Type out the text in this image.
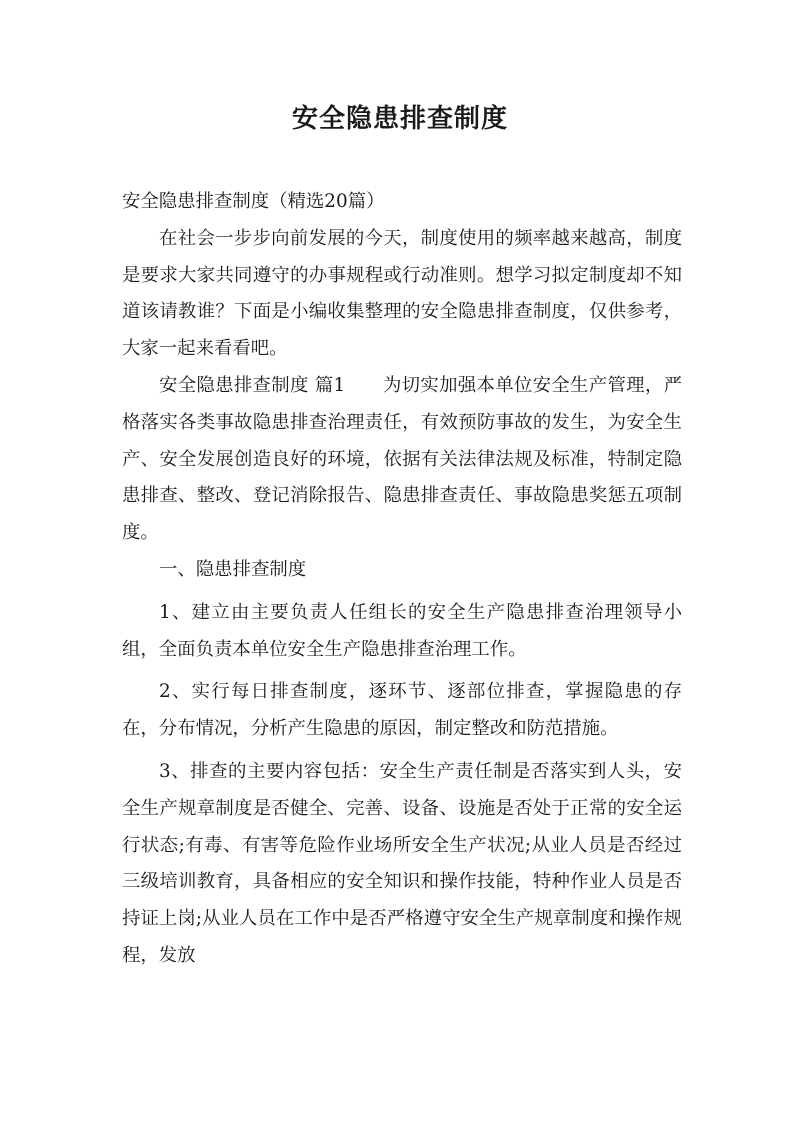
安全隐患排查制度

安全隐患排查制度（精选20篇）

在社会一步步向前发展的今天，制度使用的频率越来越高，制度是要求大家共同遵守的办事规程或行动准则。想学习拟定制度却不知道该请教谁？下面是小编收集整理的安全隐患排查制度，仅供参考，大家一起来看看吧。

安全隐患排查制度 篇1　　为切实加强本单位安全生产管理，严格落实各类事故隐患排查治理责任，有效预防事故的发生，为安全生产、安全发展创造良好的环境，依据有关法律法规及标准，特制定隐患排查、整改、登记消除报告、隐患排查责任、事故隐患奖惩五项制度。

一、隐患排查制度

1、建立由主要负责人任组长的安全生产隐患排查治理领导小组，全面负责本单位安全生产隐患排查治理工作。

2、实行每日排查制度，逐环节、逐部位排查，掌握隐患的存在，分布情况，分析产生隐患的原因，制定整改和防范措施。

3、排查的主要内容包括：安全生产责任制是否落实到人头，安全生产规章制度是否健全、完善、设备、设施是否处于正常的安全运行状态;有毒、有害等危险作业场所安全生产状况;从业人员是否经过三级培训教育，具备相应的安全知识和操作技能，特种作业人员是否持证上岗;从业人员在工作中是否严格遵守安全生产规章制度和操作规程，发放
